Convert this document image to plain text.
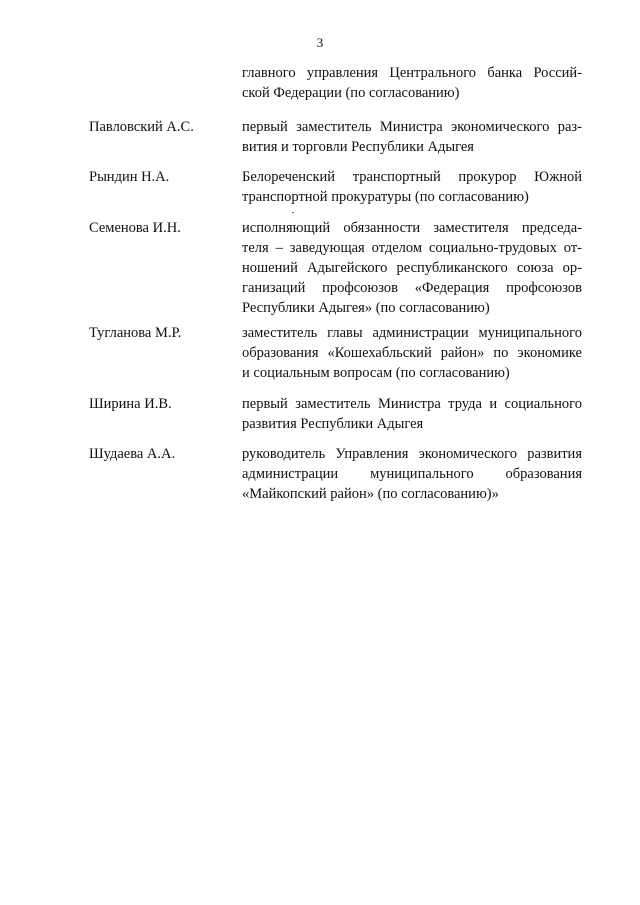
3
главного управления Центрального банка Россий-
ской Федерации (по согласованию)
Павловский А.С.	первый заместитель Министра экономического раз-
вития и торговли Республики Адыгея
Рындин Н.А.	Белореченский транспортный прокурор Южной
транспортной прокуратуры (по согласованию)
Семенова И.Н.	исполняющий обязанности заместителя председа-
теля – заведующая отделом социально-трудовых от-
ношений Адыгейского республиканского союза ор-
ганизаций профсоюзов «Федерация профсоюзов
Республики Адыгея» (по согласованию)
Тугланова М.Р.	заместитель главы администрации муниципального
образования «Кошехабльский район» по экономике
и социальным вопросам (по согласованию)
Ширина И.В.	первый заместитель Министра труда и социального
развития Республики Адыгея
Шудаева А.А.	руководитель Управления экономического развития
администрации муниципального образования
«Майкопский район» (по согласованию)»
